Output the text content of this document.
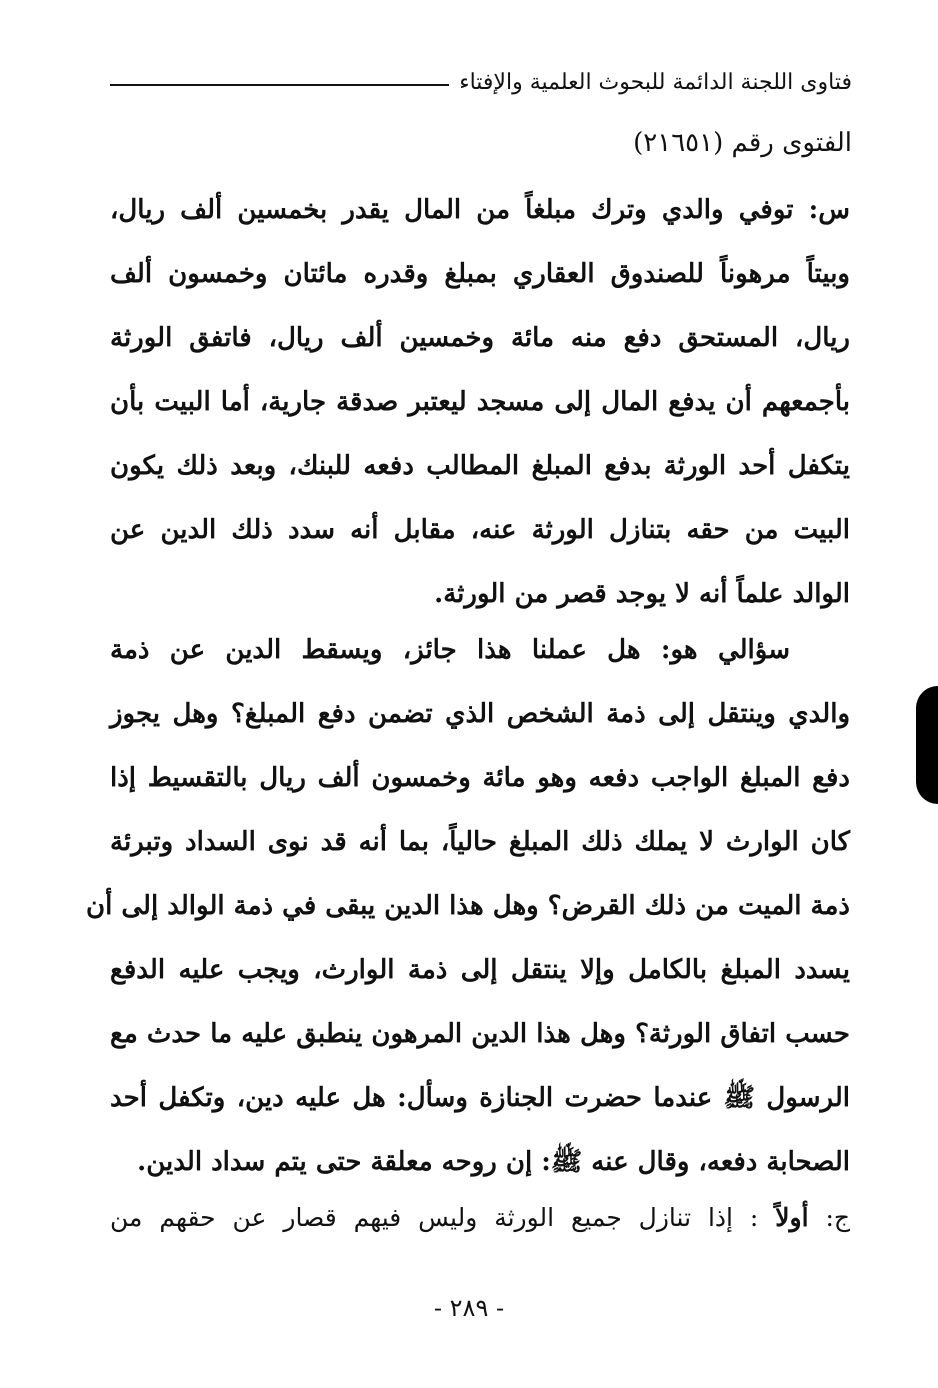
فتاوى اللجنة الدائمة للبحوث العلمية والإفتاء
الفتوى رقم (٢١٦٥١)
س: توفي والدي وترك مبلغاً من المال يقدر بخمسين ألف ريال،
وبيتاً مرهوناً للصندوق العقاري بمبلغ وقدره مائتان وخمسون ألف
ريال، المستحق دفع منه مائة وخمسين ألف ريال، فاتفق الورثة
بأجمعهم أن يدفع المال إلى مسجد ليعتبر صدقة جارية، أما البيت بأن
يتكفل أحد الورثة بدفع المبلغ المطالب دفعه للبنك، وبعد ذلك يكون
البيت من حقه بتنازل الورثة عنه، مقابل أنه سدد ذلك الدين عن
الوالد علماً أنه لا يوجد قصر من الورثة.
سؤالي هو: هل عملنا هذا جائز، ويسقط الدين عن ذمة
والدي وينتقل إلى ذمة الشخص الذي تضمن دفع المبلغ؟ وهل يجوز
دفع المبلغ الواجب دفعه وهو مائة وخمسون ألف ريال بالتقسيط إذا
كان الوارث لا يملك ذلك المبلغ حالياً، بما أنه قد نوى السداد وتبرئة
ذمة الميت من ذلك القرض؟ وهل هذا الدين يبقى في ذمة الوالد إلى أن
يسدد المبلغ بالكامل وإلا ينتقل إلى ذمة الوارث، ويجب عليه الدفع
حسب اتفاق الورثة؟ وهل هذا الدين المرهون ينطبق عليه ما حدث مع
الرسول ﷺ عندما حضرت الجنازة وسأل: هل عليه دين، وتكفل أحد
الصحابة دفعه، وقال عنه ﷺ: إن روحه معلقة حتى يتم سداد الدين.
ج: أولاً : إذا تنازل جميع الورثة وليس فيهم قصار عن حقهم من
- ٢٨٩ -
